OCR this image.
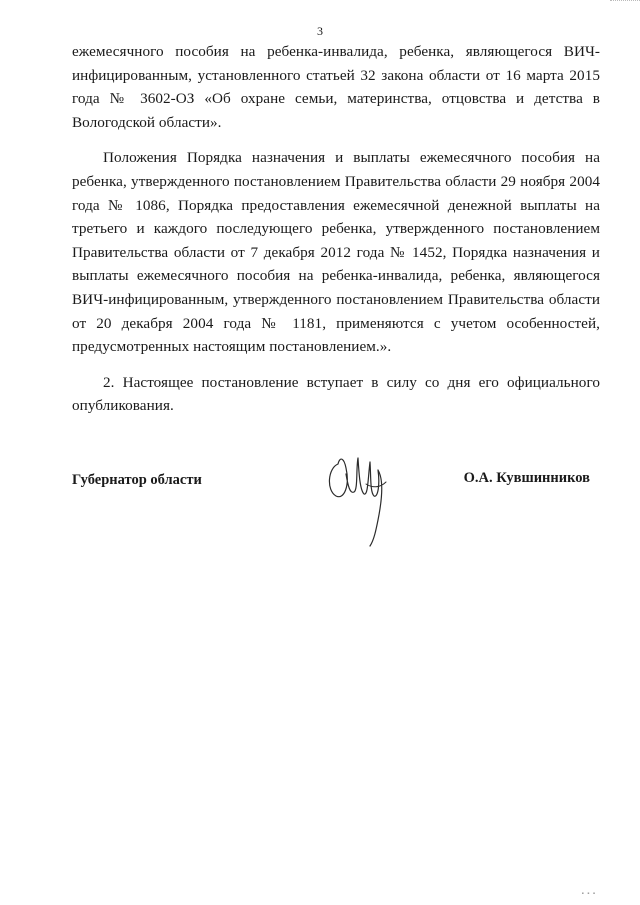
3

ежемесячного пособия на ребенка-инвалида, ребенка, являющегося ВИЧ-инфицированным, установленного статьей 32 закона области от 16 марта 2015 года № 3602-ОЗ «Об охране семьи, материнства, отцовства и детства в Вологодской области».

Положения Порядка назначения и выплаты ежемесячного пособия на ребенка, утвержденного постановлением Правительства области 29 ноября 2004 года № 1086, Порядка предоставления ежемесячной денежной выплаты на третьего и каждого последующего ребенка, утвержденного постановлением Правительства области от 7 декабря 2012 года № 1452, Порядка назначения и выплаты ежемесячного пособия на ребенка-инвалида, ребенка, являющегося ВИЧ-инфицированным, утвержденного постановлением Правительства области от 20 декабря 2004 года № 1181, применяются с учетом особенностей, предусмотренных настоящим постановлением.».

2. Настоящее постановление вступает в силу со дня его официального опубликования.

Губернатор области	О.А. Кувшинников
▪ ▪ ▪
